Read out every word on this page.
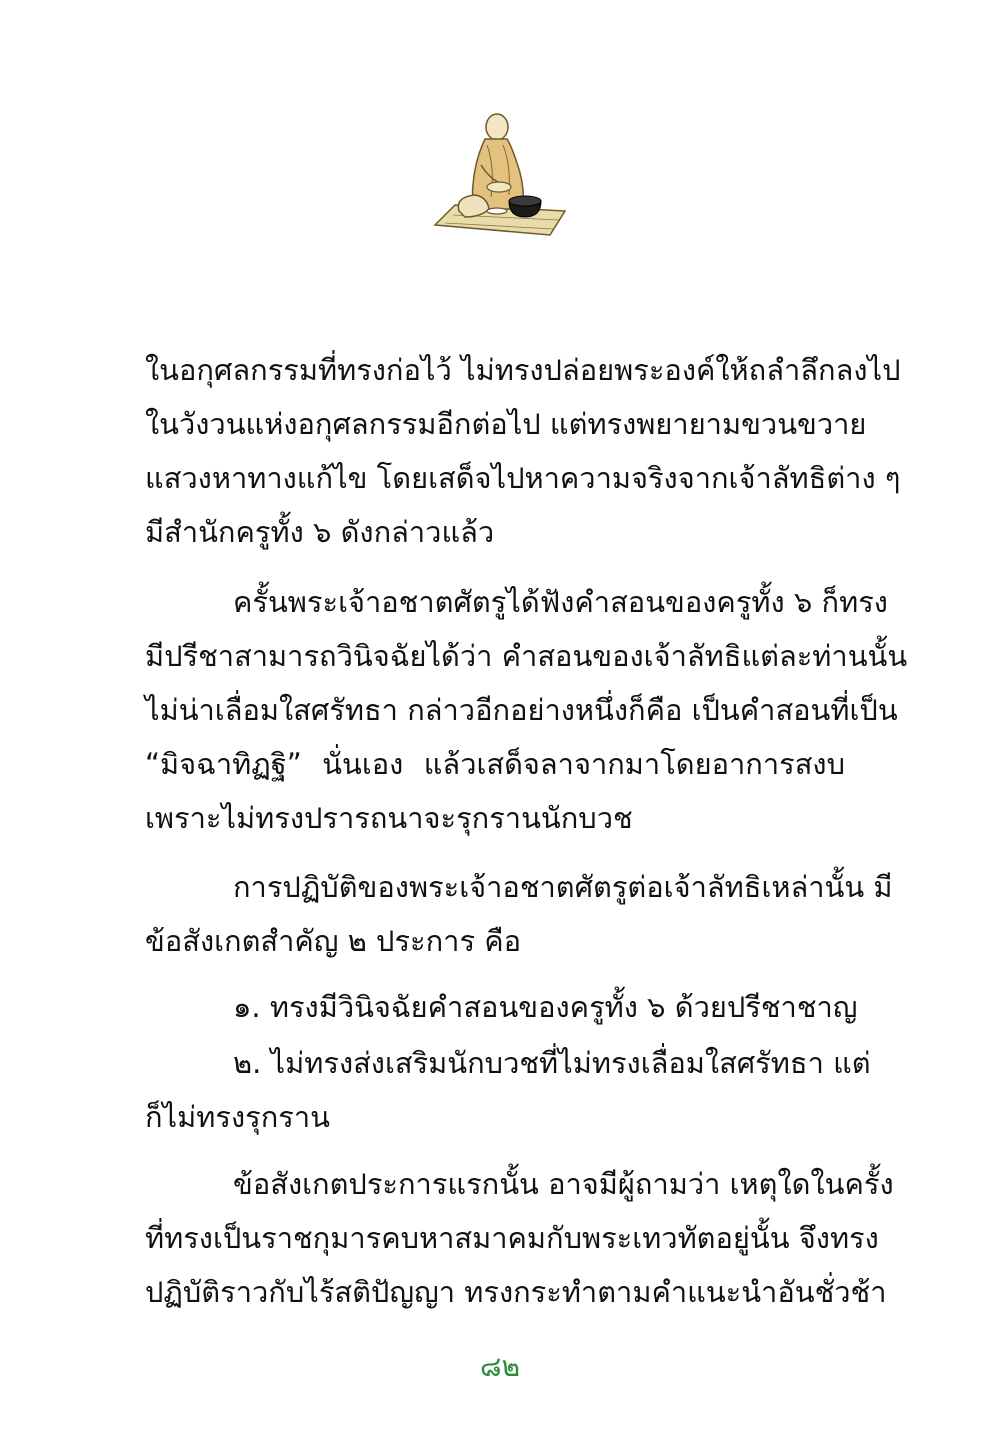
ในอกุศลกรรมที่ทรงก่อไว้ ไม่ทรงปล่อยพระองค์ให้ถลำลึกลงไป
ในวังวนแห่งอกุศลกรรมอีกต่อไป แต่ทรงพยายามขวนขวาย
แสวงหาทางแก้ไข โดยเสด็จไปหาความจริงจากเจ้าลัทธิต่าง ๆ
มีสำนักครูทั้ง ๖ ดังกล่าวแล้ว
ครั้นพระเจ้าอชาตศัตรูได้ฟังคำสอนของครูทั้ง ๖ ก็ทรง
มีปรีชาสามารถวินิจฉัยได้ว่า คำสอนของเจ้าลัทธิแต่ละท่านนั้น
ไม่น่าเลื่อมใสศรัทธา กล่าวอีกอย่างหนึ่งก็คือ เป็นคำสอนที่เป็น
“มิจฉาทิฏฐิ” นั่นเอง แล้วเสด็จลาจากมาโดยอาการสงบ
เพราะไม่ทรงปรารถนาจะรุกรานนักบวช
การปฏิบัติของพระเจ้าอชาตศัตรูต่อเจ้าลัทธิเหล่านั้น มี
ข้อสังเกตสำคัญ ๒ ประการ คือ
๑. ทรงมีวินิจฉัยคำสอนของครูทั้ง ๖ ด้วยปรีชาชาญ
๒. ไม่ทรงส่งเสริมนักบวชที่ไม่ทรงเลื่อมใสศรัทธา แต่
ก็ไม่ทรงรุกราน
ข้อสังเกตประการแรกนั้น อาจมีผู้ถามว่า เหตุใดในครั้ง
ที่ทรงเป็นราชกุมารคบหาสมาคมกับพระเทวทัตอยู่นั้น จึงทรง
ปฏิบัติราวกับไร้สติปัญญา ทรงกระทำตามคำแนะนำอันชั่วช้า
๘๒
